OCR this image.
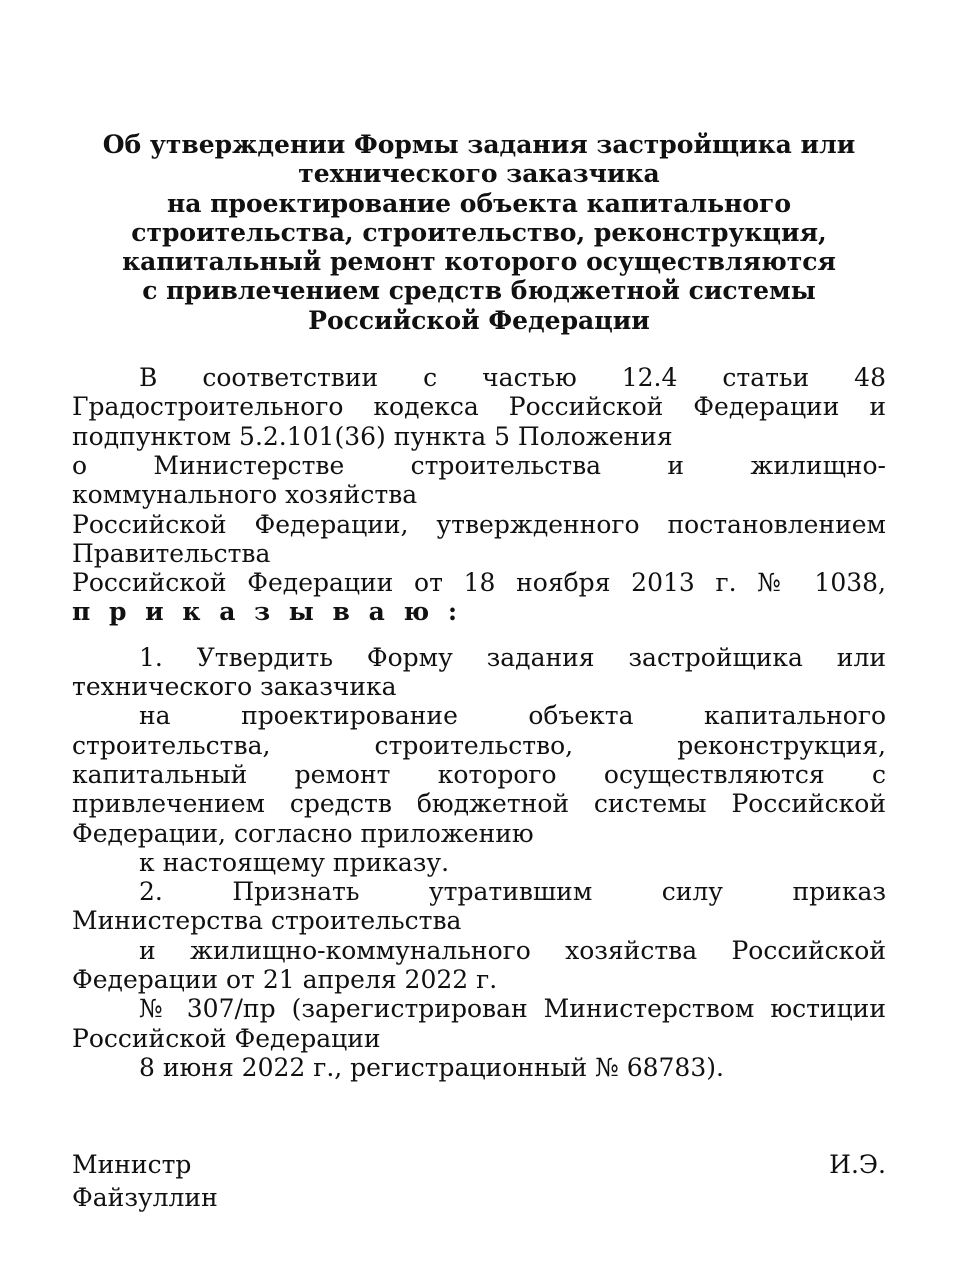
Об утверждении Формы задания застройщика или
технического заказчика
на проектирование объекта капитального
строительства, строительство, реконструкция,
капитальный ремонт которого осуществляются
с привлечением средств бюджетной системы
Российской Федерации
В соответствии с частью 12.4 статьи 48
Градостроительного кодекса Российской Федерации и
подпунктом 5.2.101(36) пункта 5 Положения
о Министерстве строительства и жилищно-
коммунального хозяйства
Российской Федерации, утвержденного постановлением
Правительства
Российской Федерации от 18 ноября 2013 г. № 1038,
п р и к а з ы в а ю :
1. Утвердить Форму задания застройщика или
технического заказчика
на проектирование объекта капитального
строительства, строительство, реконструкция,
капитальный ремонт которого осуществляются с
привлечением средств бюджетной системы Российской
Федерации, согласно приложению
к настоящему приказу.
2. Признать утратившим силу приказ
Министерства строительства
и жилищно-коммунального хозяйства Российской
Федерации от 21 апреля 2022 г.
№ 307/пр (зарегистрирован Министерством юстиции
Российской Федерации
8 июня 2022 г., регистрационный № 68783).
Министр	И.Э.
Файзуллин
